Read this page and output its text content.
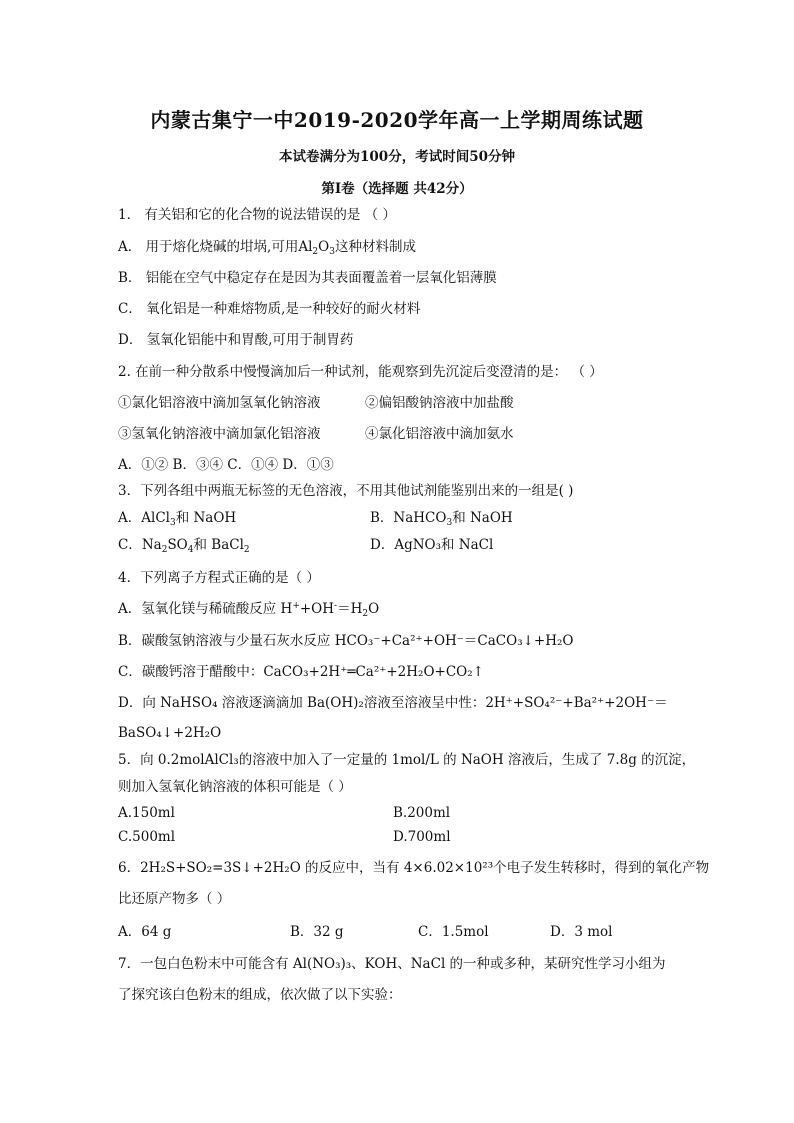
内蒙古集宁一中2019-2020学年高一上学期周练试题
本试卷满分为100分，考试时间50分钟
第Ⅰ卷（选择题 共42分）
1． 有关铝和它的化合物的说法错误的是 （ ）
A． 用于熔化烧碱的坩埚,可用$Al_2O_3$这种材料制成
B． 铝能在空气中稳定存在是因为其表面覆盖着一层氧化铝薄膜
C． 氧化铝是一种难熔物质,是一种较好的耐火材料
D． 氢氧化铝能中和胃酸,可用于制胃药
2. 在前一种分散系中慢慢滴加后一种试剂，能观察到先沉淀后变澄清的是： （ ）
①氯化铝溶液中滴加氢氧化钠溶液	②偏铝酸钠溶液中加盐酸
③氢氧化钠溶液中滴加氯化铝溶液	④氯化铝溶液中滴加氨水
A．①② B．③④ C．①④ D．①③
3．下列各组中两瓶无标签的无色溶液，不用其他试剂能鉴别出来的一组是( )
A．AlCl$_3$和 NaOH	B．NaHCO$_3$和 NaOH
C．$Na_2SO_4$和 BaCl$_2$	D．AgNO₃和 NaCl
4．下列离子方程式正确的是（ ）
A．氢氧化镁与稀硫酸反应 $H^++OH^-=H_2O$
B．碳酸氢钠溶液与少量石灰水反应 HCO₃⁻+Ca²⁺+OH⁻＝CaCO₃↓+H₂O
C．碳酸钙溶于醋酸中：CaCO₃+2H⁺═Ca²⁺+2H₂O+CO₂↑
D．向 NaHSO₄ 溶液逐滴滴加 Ba(OH)₂溶液至溶液呈中性：2H⁺+SO₄²⁻+Ba²⁺+2OH⁻＝
BaSO₄↓+2H₂O
5．向 0.2molAlCl₃的溶液中加入了一定量的 1mol/L 的 NaOH 溶液后，生成了 7.8g 的沉淀，
则加入氢氧化钠溶液的体积可能是（ ）
A.150ml	B.200ml
C.500ml	D.700ml
6．2H₂S+SO₂=3S↓+2H₂O 的反应中，当有 4×6.02×10²³个电子发生转移时，得到的氧化产物
比还原产物多（ ）
A．64 g	B．32 g	C．1.5mol	D．3 mol
7．一包白色粉末中可能含有 Al(NO₃)₃、KOH、NaCl 的一种或多种，某研究性学习小组为
了探究该白色粉末的组成，依次做了以下实验：
